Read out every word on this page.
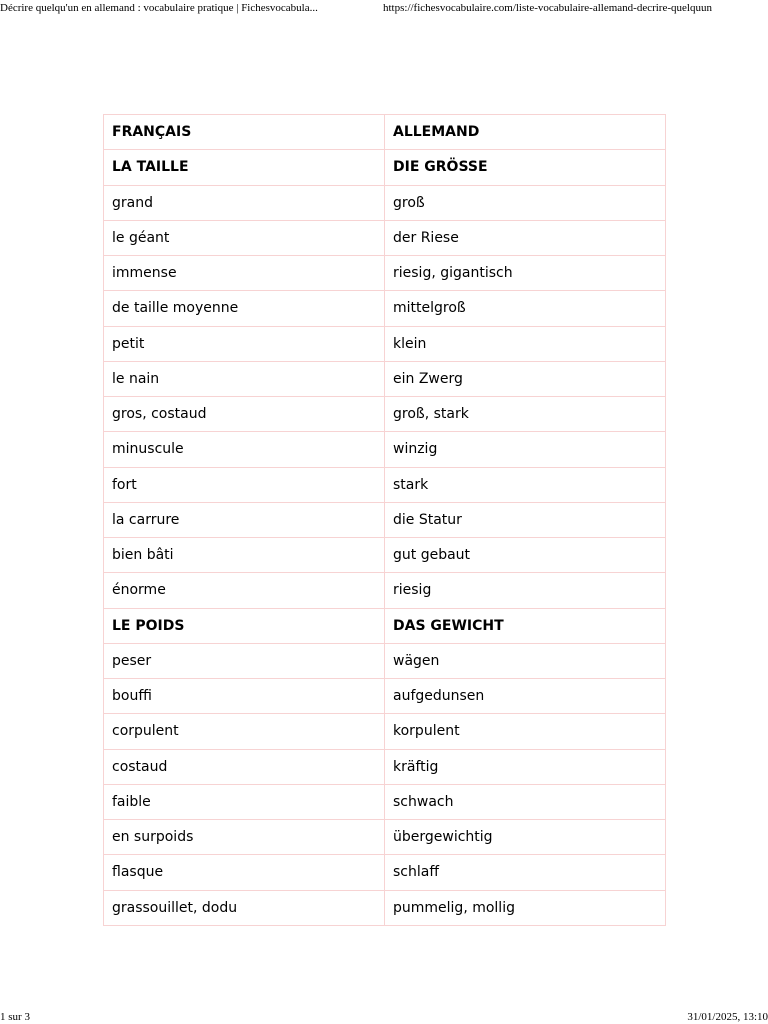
Décrire quelqu'un en allemand : vocabulaire pratique | Fichesvocabula...	https://fichesvocabulaire.com/liste-vocabulaire-allemand-decrire-quelquun
FRANÇAIS	ALLEMAND
LA TAILLE	DIE GRÖSSE
grand	groß
le géant	der Riese
immense	riesig, gigantisch
de taille moyenne	mittelgroß
petit	klein
le nain	ein Zwerg
gros, costaud	groß, stark
minuscule	winzig
fort	stark
la carrure	die Statur
bien bâti	gut gebaut
énorme	riesig
LE POIDS	DAS GEWICHT
peser	wägen
bouffi	aufgedunsen
corpulent	korpulent
costaud	kräftig
faible	schwach
en surpoids	übergewichtig
flasque	schlaff
grassouillet, dodu	pummelig, mollig
1 sur 3	31/01/2025, 13:10
